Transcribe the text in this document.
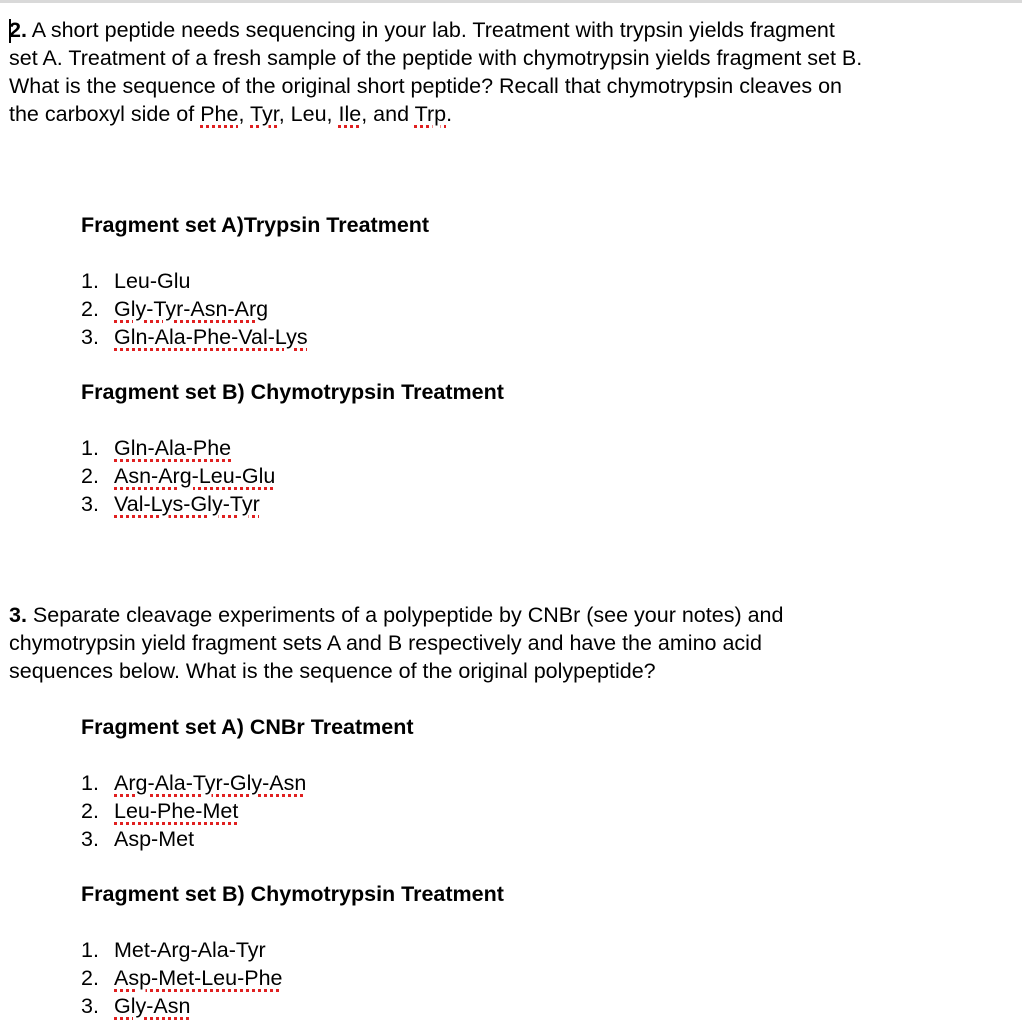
2. A short peptide needs sequencing in your lab. Treatment with trypsin yields fragment set A. Treatment of a fresh sample of the peptide with chymotrypsin yields fragment set B. What is the sequence of the original short peptide? Recall that chymotrypsin cleaves on the carboxyl side of Phe, Tyr, Leu, Ile, and Trp.

Fragment set A)Trypsin Treatment

1. Leu-Glu
2. Gly-Tyr-Asn-Arg
3. Gln-Ala-Phe-Val-Lys

Fragment set B) Chymotrypsin Treatment

1. Gln-Ala-Phe
2. Asn-Arg-Leu-Glu
3. Val-Lys-Gly-Tyr

3. Separate cleavage experiments of a polypeptide by CNBr (see your notes) and chymotrypsin yield fragment sets A and B respectively and have the amino acid sequences below. What is the sequence of the original polypeptide?

Fragment set A) CNBr Treatment

1. Arg-Ala-Tyr-Gly-Asn
2. Leu-Phe-Met
3. Asp-Met

Fragment set B) Chymotrypsin Treatment

1. Met-Arg-Ala-Tyr
2. Asp-Met-Leu-Phe
3. Gly-Asn
